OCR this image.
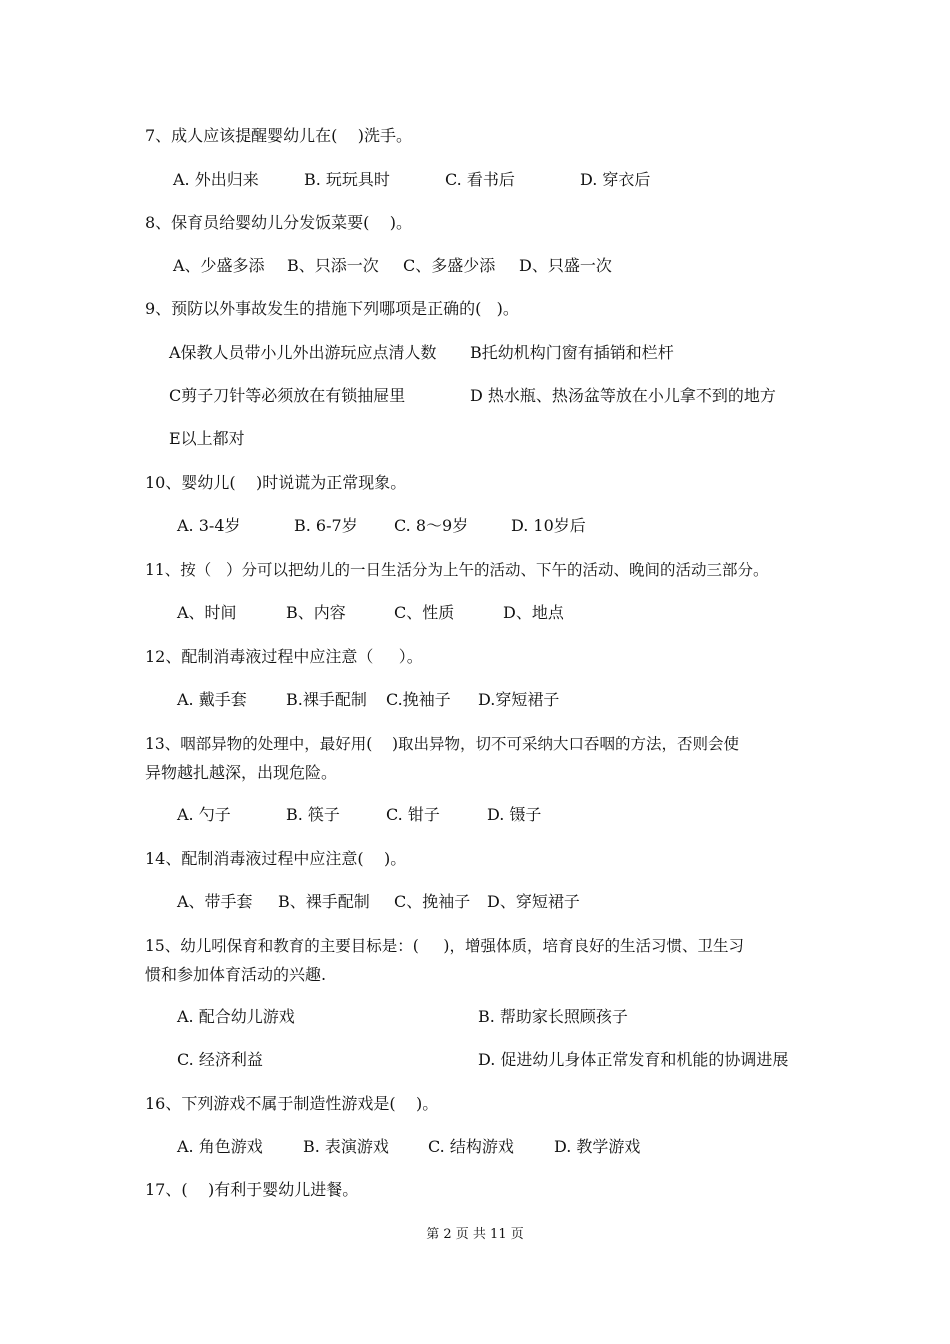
7、成人应该提醒婴幼儿在(    )洗手。
A. 外出归来	B. 玩玩具时	C. 看书后	D. 穿衣后
8、保育员给婴幼儿分发饭菜要(    )。
A、少盛多添 B、只添一次 C、多盛少添 D、只盛一次
9、预防以外事故发生的措施下列哪项是正确的(   )。
A保教人员带小儿外出游玩应点清人数 B托幼机构门窗有插销和栏杆
C剪子刀针等必须放在有锁抽屉里	D 热水瓶、热汤盆等放在小儿拿不到的地方
E以上都对
10、婴幼儿(    )时说谎为正常现象。
A. 3-4岁	B. 6-7岁 C. 8～9岁	D. 10岁后
11、按（   ）分可以把幼儿的一日生活分为上午的活动、下午的活动、晚间的活动三部分。
A、时间	B、内容	C、性质	D、地点
12、配制消毒液过程中应注意（     ）。
A. 戴手套 B.裸手配制 C.挽袖子 D.穿短裙子
13、咽部异物的处理中，最好用(    )取出异物，切不可采纳大口吞咽的方法，否则会使
异物越扎越深，出现危险。
A. 勺子	B. 筷子	C. 钳子	D. 镊子
14、配制消毒液过程中应注意(    )。
A、带手套 B、裸手配制 C、挽袖子 D、穿短裙子
15、幼儿吲保育和教育的主要目标是：(     )，增强体质，培育良好的生活习惯、卫生习
惯和参加体育活动的兴趣.
A. 配合幼儿游戏	B. 帮助家长照顾孩子
C. 经济利益	D. 促进幼儿身体正常发育和机能的协调进展
16、下列游戏不属于制造性游戏是(    )。
A. 角色游戏	B. 表演游戏 C. 结构游戏	D. 教学游戏
17、(    )有利于婴幼儿进餐。
第 2 页 共 11 页
